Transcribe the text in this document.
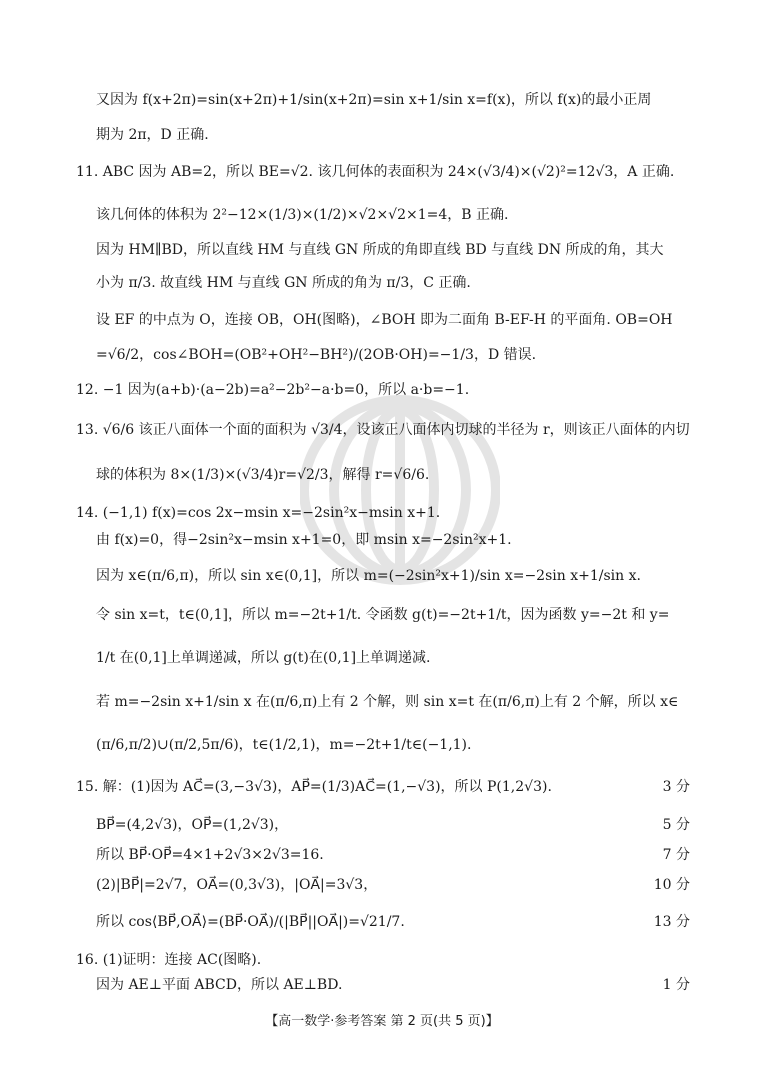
又因为 f(x+2π)=sin(x+2π)+1/sin(x+2π)=sin x+1/sin x=f(x)，所以 f(x)的最小正周
期为 2π，D 正确.
11. ABC 因为 AB=2，所以 BE=√2. 该几何体的表面积为 24×(√3/4)×(√2)²=12√3，A 正确.
该几何体的体积为 2²−12×(1/3)×(1/2)×√2×√2×1=4，B 正确.
因为 HM∥BD，所以直线 HM 与直线 GN 所成的角即直线 BD 与直线 DN 所成的角，其大
小为 π/3. 故直线 HM 与直线 GN 所成的角为 π/3，C 正确.
设 EF 的中点为 O，连接 OB，OH(图略)，∠BOH 即为二面角 B-EF-H 的平面角. OB=OH
=√6/2，cos∠BOH=(OB²+OH²−BH²)/(2OB·OH)=−1/3，D 错误.
12. −1 因为(a+b)·(a−2b)=a²−2b²−a·b=0，所以 a·b=−1.
13. √6/6 该正八面体一个面的面积为 √3/4，设该正八面体内切球的半径为 r，则该正八面体的内切
球的体积为 8×(1/3)×(√3/4)r=√2/3，解得 r=√6/6.
14. (−1,1) f(x)=cos 2x−msin x=−2sin²x−msin x+1.
由 f(x)=0，得−2sin²x−msin x+1=0，即 msin x=−2sin²x+1.
因为 x∈(π/6,π)，所以 sin x∈(0,1]，所以 m=(−2sin²x+1)/sin x=−2sin x+1/sin x.
令 sin x=t，t∈(0,1]，所以 m=−2t+1/t. 令函数 g(t)=−2t+1/t，因为函数 y=−2t 和 y=
1/t 在(0,1]上单调递减，所以 g(t)在(0,1]上单调递减.
若 m=−2sin x+1/sin x 在(π/6,π)上有 2 个解，则 sin x=t 在(π/6,π)上有 2 个解，所以 x∈
(π/6,π/2)∪(π/2,5π/6)，t∈(1/2,1)，m=−2t+1/t∈(−1,1).
15. 解：(1)因为 AC⃗=(3,−3√3)，AP⃗=(1/3)AC⃗=(1,−√3)，所以 P(1,2√3).	3 分
BP⃗=(4,2√3)，OP⃗=(1,2√3)，	5 分
所以 BP⃗·OP⃗=4×1+2√3×2√3=16.	7 分
(2)|BP⃗|=2√7，OA⃗=(0,3√3)，|OA⃗|=3√3，	10 分
所以 cos⟨BP⃗,OA⃗⟩=(BP⃗·OA⃗)/(|BP⃗||OA⃗|)=√21/7.	13 分
16. (1)证明：连接 AC(图略).
因为 AE⊥平面 ABCD，所以 AE⊥BD.	1 分
【高一数学·参考答案 第 2 页(共 5 页)】
